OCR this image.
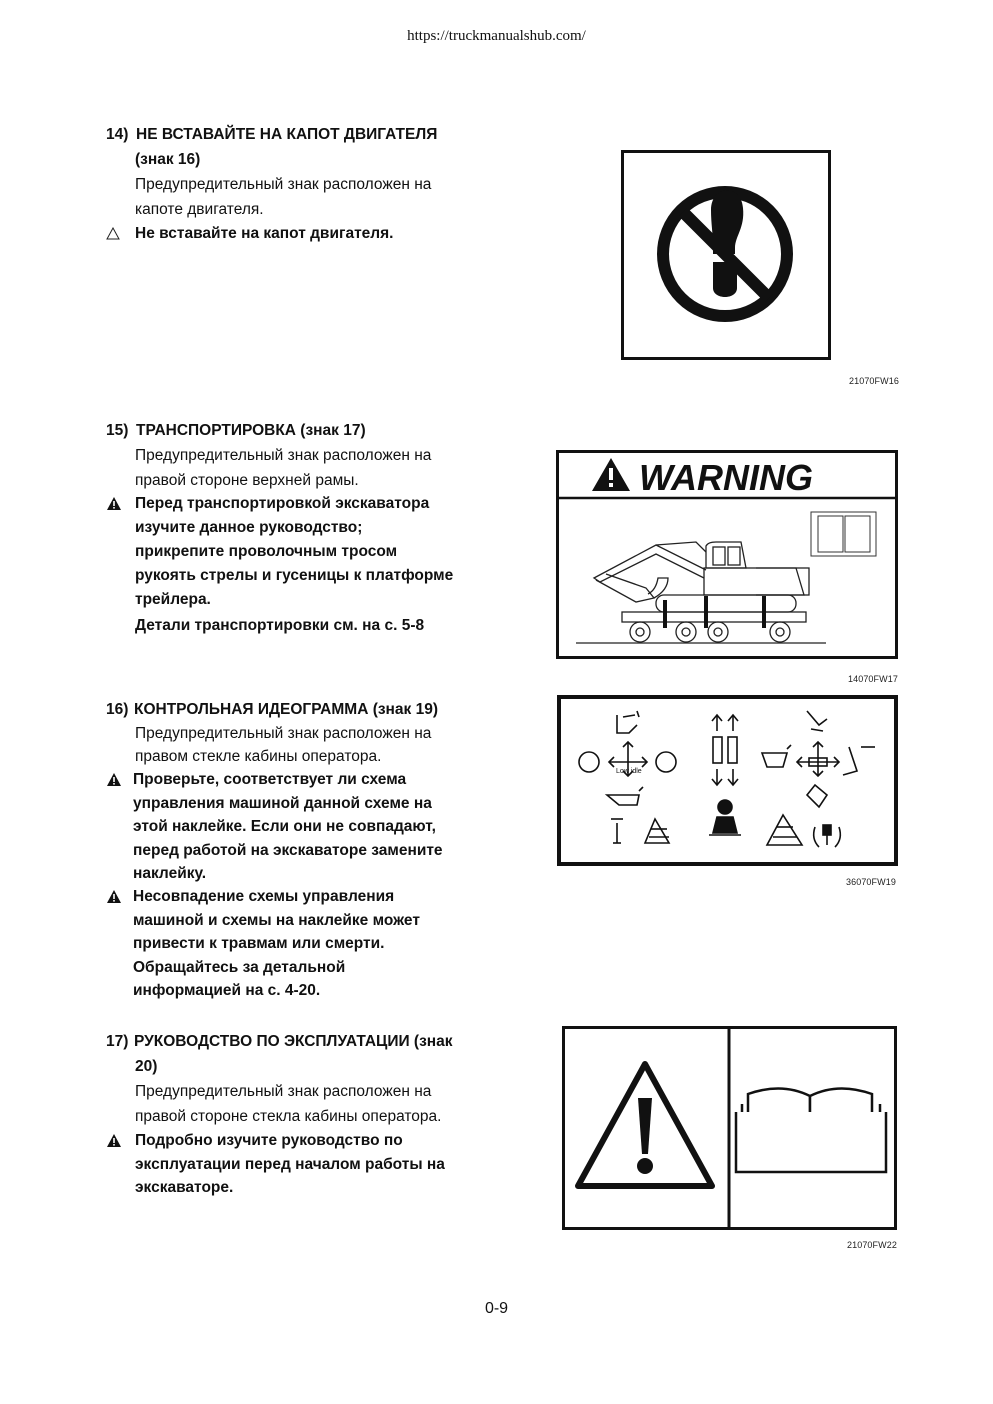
https://truckmanualshub.com/
14) НЕ ВСТАВАЙТЕ НА КАПОТ ДВИГАТЕЛЯ
(знак 16)
Предупредительный знак расположен на
капоте двигателя.
Не вставайте на капот двигателя.
21070FW16
15) ТРАНСПОРТИРОВКА (знак 17)
Предупредительный знак расположен на
правой стороне верхней рамы.
Перед транспортировкой экскаватора
изучите данное руководство;
прикрепите проволочным тросом
рукоять стрелы и гусеницы к платформе
трейлера.
Детали транспортировки см. на с. 5-8
WARNING
14070FW17
16) КОНТРОЛЬНАЯ ИДЕОГРАММА (знак 19)
Предупредительный знак расположен на
правом стекле кабины оператора.
Проверьте, соответствует ли схема
управления машиной данной схеме на
этой наклейке. Если они не совпадают,
перед работой на экскаваторе замените
наклейку.
Несовпадение схемы управления
машиной и схемы на наклейке может
привести к травмам или смерти.
Обращайтесь за детальной
информацией на с. 4-20.
Low idle
36070FW19
17) РУКОВОДСТВО ПО ЭКСПЛУАТАЦИИ (знак
20)
Предупредительный знак расположен на
правой стороне стекла кабины оператора.
Подробно изучите руководство по
эксплуатации перед началом работы на
экскаваторе.
21070FW22
0-9
